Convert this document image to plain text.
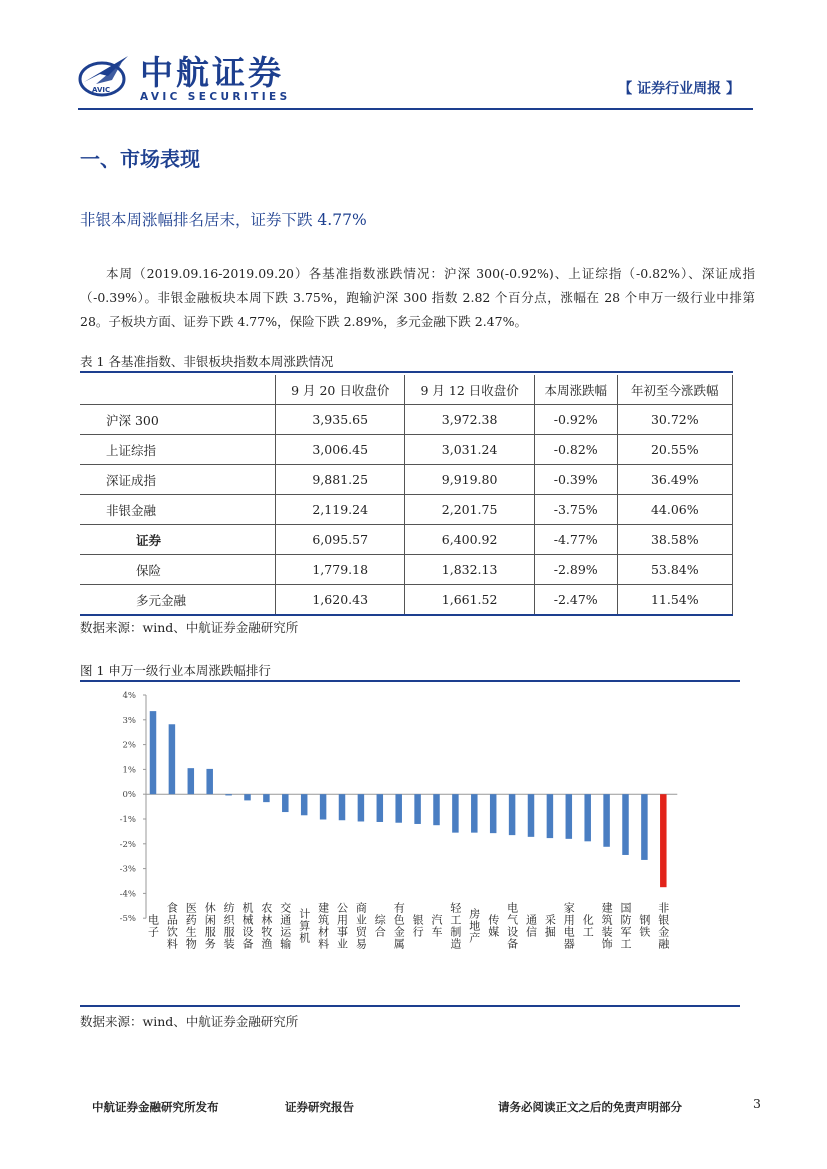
AVIC 中航证券
AVIC SECURITIES	【 证券行业周报 】
一、市场表现
非银本周涨幅排名居末，证券下跌 4.77%
本周（2019.09.16-2019.09.20）各基准指数涨跌情况：沪深 300(-0.92%)、上证综指（-0.82%）、深证成指（-0.39%）。非银金融板块本周下跌 3.75%，跑输沪深 300 指数 2.82 个百分点，涨幅在 28 个申万一级行业中排第 28。子板块方面、证券下跌 4.77%，保险下跌 2.89%，多元金融下跌 2.47%。
表 1 各基准指数、非银板块指数本周涨跌情况
	9 月 20 日收盘价	9 月 12 日收盘价	本周涨跌幅	年初至今涨跌幅
沪深 300	3,935.65	3,972.38	-0.92%	30.72%
上证综指	3,006.45	3,031.24	-0.82%	20.55%
深证成指	9,881.25	9,919.80	-0.39%	36.49%
非银金融	2,119.24	2,201.75	-3.75%	44.06%
证券	6,095.57	6,400.92	-4.77%	38.58%
保险	1,779.18	1,832.13	-2.89%	53.84%
多元金融	1,620.43	1,661.52	-2.47%	11.54%
数据来源：wind、中航证券金融研究所
图 1 申万一级行业本周涨跌幅排行
4%
3%
2%
1%
0%
-1%
-2%
-3%
-4%
-5% 电子 食品饮料 医药生物 休闲服务 纺织服装 机械设备 农林牧渔 交通运输 计算机 建筑材料 公用事业 商业贸易 综合 有色金属 银行 汽车 轻工制造 房地产 传媒 电气设备 通信 采掘 家用电器 化工 建筑装饰 国防军工 钢铁 非银金融
数据来源：wind、中航证券金融研究所
中航证券金融研究所发布	证券研究报告	请务必阅读正文之后的免责声明部分	3
